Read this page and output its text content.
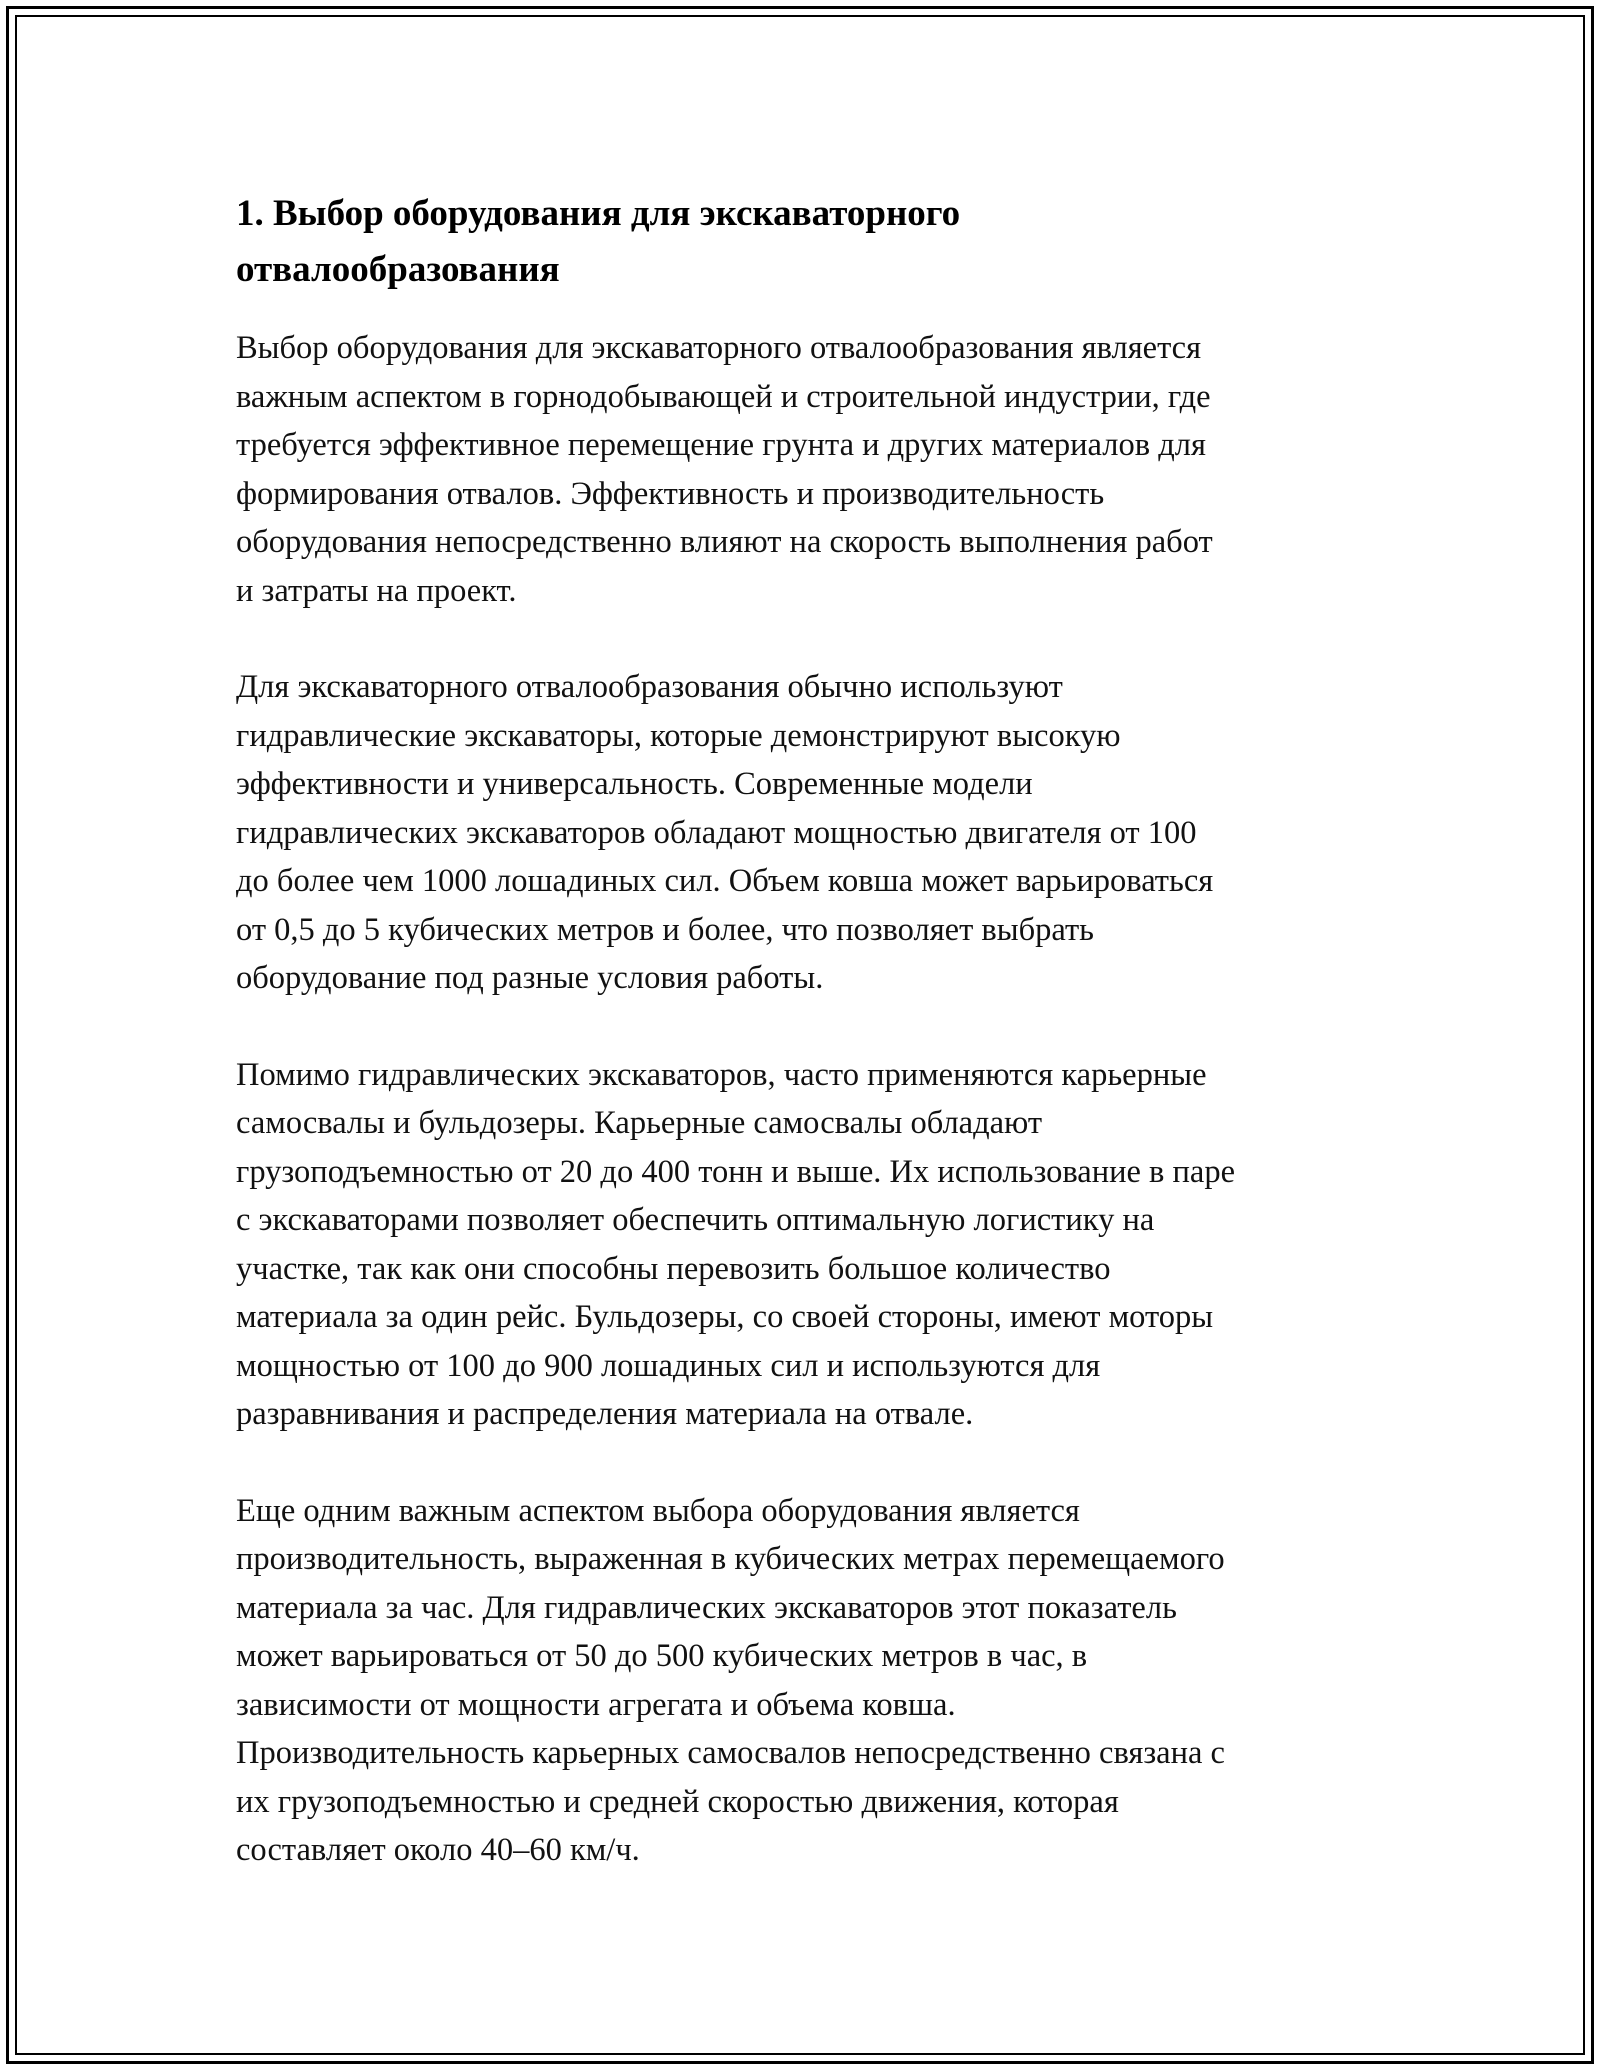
1. Выбор оборудования для экскаваторного
отвалообразования

Выбор оборудования для экскаваторного отвалообразования является
важным аспектом в горнодобывающей и строительной индустрии, где
требуется эффективное перемещение грунта и других материалов для
формирования отвалов. Эффективность и производительность
оборудования непосредственно влияют на скорость выполнения работ
и затраты на проект.

Для экскаваторного отвалообразования обычно используют
гидравлические экскаваторы, которые демонстрируют высокую
эффективности и универсальность. Современные модели
гидравлических экскаваторов обладают мощностью двигателя от 100
до более чем 1000 лошадиных сил. Объем ковша может варьироваться
от 0,5 до 5 кубических метров и более, что позволяет выбрать
оборудование под разные условия работы.

Помимо гидравлических экскаваторов, часто применяются карьерные
самосвалы и бульдозеры. Карьерные самосвалы обладают
грузоподъемностью от 20 до 400 тонн и выше. Их использование в паре
с экскаваторами позволяет обеспечить оптимальную логистику на
участке, так как они способны перевозить большое количество
материала за один рейс. Бульдозеры, со своей стороны, имеют моторы
мощностью от 100 до 900 лошадиных сил и используются для
разравнивания и распределения материала на отвале.

Еще одним важным аспектом выбора оборудования является
производительность, выраженная в кубических метрах перемещаемого
материала за час. Для гидравлических экскаваторов этот показатель
может варьироваться от 50 до 500 кубических метров в час, в
зависимости от мощности агрегата и объема ковша.
Производительность карьерных самосвалов непосредственно связана с
их грузоподъемностью и средней скоростью движения, которая
составляет около 40–60 км/ч.
